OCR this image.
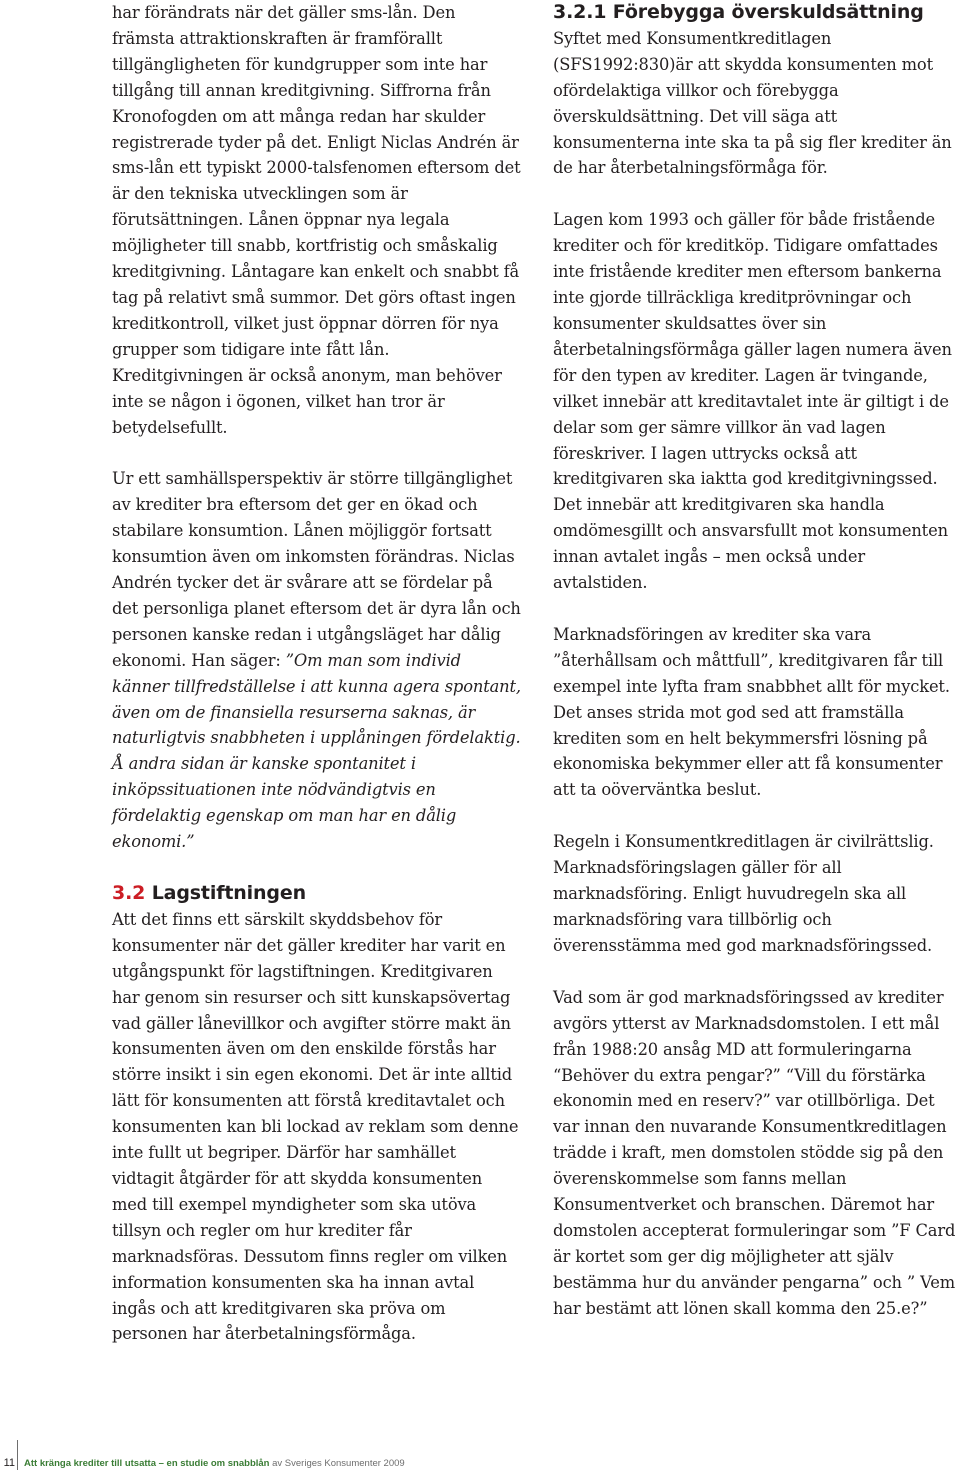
har förändrats när det gäller sms-lån. Den främsta attraktionskraften är framförallt tillgängligheten för kundgrupper som inte har tillgång till annan kreditgivning. Siffrorna från Kronofogden om att många redan har skulder registrerade tyder på det. Enligt Niclas Andrén är sms-lån ett typiskt 2000-talsfenomen eftersom det är den tekniska utvecklingen som är förutsättningen. Lånen öppnar nya legala möjligheter till snabb, kortfristig och småskalig kreditgivning. Låntagare kan enkelt och snabbt få tag på relativt små summor. Det görs oftast ingen kreditkontroll, vilket just öppnar dörren för nya grupper som tidigare inte fått lån. Kreditgivningen är också anonym, man behöver inte se någon i ögonen, vilket han tror är betydelsefullt.

Ur ett samhällsperspektiv är större tillgänglighet av krediter bra eftersom det ger en ökad och stabilare konsumtion. Lånen möjliggör fortsatt konsumtion även om inkomsten förändras. Niclas Andrén tycker det är svårare att se fördelar på det personliga planet eftersom det är dyra lån och personen kanske redan i utgångsläget har dålig ekonomi. Han säger: ”Om man som individ känner tillfredställelse i att kunna agera spontant, även om de finansiella resurserna saknas, är naturligtvis snabbheten i upplåningen fördelaktig. Å andra sidan är kanske spontanitet i inköpssituationen inte nödvändigtvis en fördelaktig egenskap om man har en dålig ekonomi.”

3.2 Lagstiftningen

Att det finns ett särskilt skyddsbehov för konsumenter när det gäller krediter har varit en utgångspunkt för lagstiftningen. Kreditgivaren har genom sin resurser och sitt kunskapsövertag vad gäller lånevillkor och avgifter större makt än konsumenten även om den enskilde förstås har större insikt i sin egen ekonomi. Det är inte alltid lätt för konsumenten att förstå kreditavtalet och konsumenten kan bli lockad av reklam som denne inte fullt ut begriper. Därför har samhället vidtagit åtgärder för att skydda konsumenten med till exempel myndigheter som ska utöva tillsyn och regler om hur krediter får marknadsföras. Dessutom finns regler om vilken information konsumenten ska ha innan avtal ingås och att kreditgivaren ska pröva om personen har återbetalningsförmåga.

3.2.1 Förebygga överskuldsättning

Syftet med Konsumentkreditlagen (SFS1992:830)är att skydda konsumenten mot ofördelaktiga villkor och förebygga överskuldsättning. Det vill säga att konsumenterna inte ska ta på sig fler krediter än de har återbetalningsförmåga för.

Lagen kom 1993 och gäller för både fristående krediter och för kreditköp. Tidigare omfattades inte fristående krediter men eftersom bankerna inte gjorde tillräckliga kreditprövningar och konsumenter skuldsattes över sin återbetalningsförmåga gäller lagen numera även för den typen av krediter. Lagen är tvingande, vilket innebär att kreditavtalet inte är giltigt i de delar som ger sämre villkor än vad lagen föreskriver. I lagen uttrycks också att kreditgivaren ska iaktta god kreditgivningssed. Det innebär att kreditgivaren ska handla omdömesgillt och ansvarsfullt mot konsumenten innan avtalet ingås – men också under avtalstiden.

Marknadsföringen av krediter ska vara ”återhållsam och måttfull”, kreditgivaren får till exempel inte lyfta fram snabbhet allt för mycket. Det anses strida mot god sed att framställa krediten som en helt bekymmersfri lösning på ekonomiska bekymmer eller att få konsumenter att ta oöverväntka beslut.

Regeln i Konsumentkreditlagen är civilrättslig. Marknadsföringslagen gäller för all marknadsföring. Enligt huvudregeln ska all marknadsföring vara tillbörlig och överensstämma med god marknadsföringssed.

Vad som är god marknadsföringssed av krediter avgörs ytterst av Marknadsdomstolen. I ett mål från 1988:20 ansåg MD att formuleringarna “Behöver du extra pengar?” “Vill du förstärka ekonomin med en reserv?” var otillbörliga. Det var innan den nuvarande Konsumentkreditlagen trädde i kraft, men domstolen stödde sig på den överenskommelse som fanns mellan Konsumentverket och branschen. Däremot har domstolen accepterat formuleringar som ”F Card är kortet som ger dig möjligheter att själv bestämma hur du använder pengarna” och ” Vem har bestämt att lönen skall komma den 25.e?”

11 Att kränga krediter till utsatta – en studie om snabblån av Sveriges Konsumenter 2009
